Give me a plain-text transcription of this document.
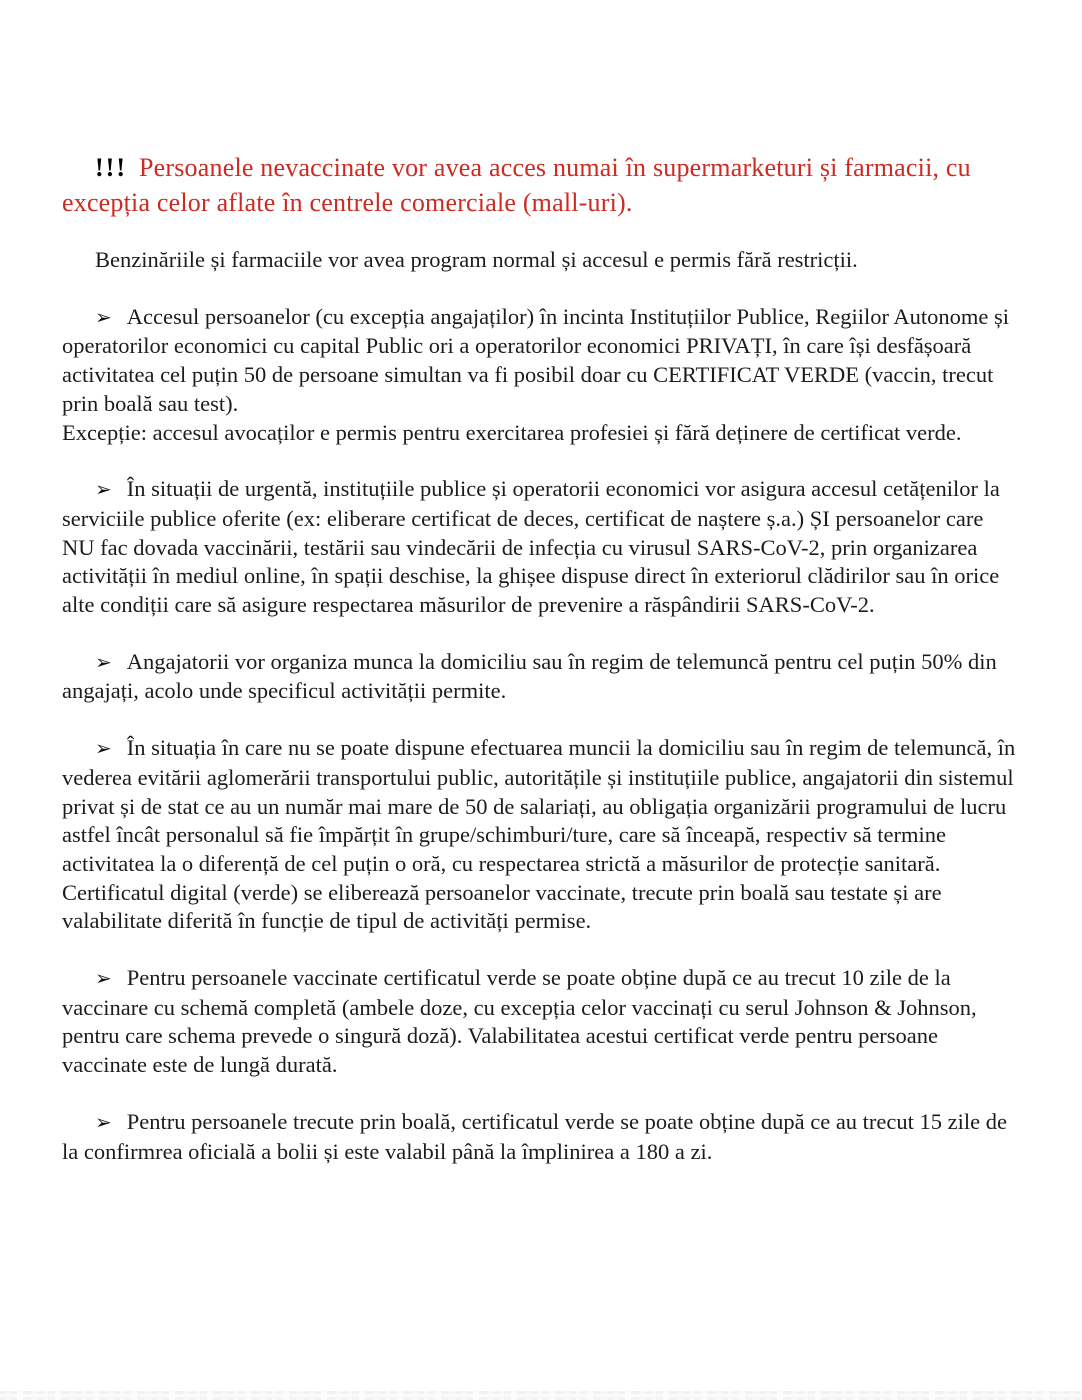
!!! Persoanele nevaccinate vor avea acces numai în supermarketuri și farmacii, cu excepția celor aflate în centrele comerciale (mall-uri).

Benzinăriile și farmaciile vor avea program normal și accesul e permis fără restricții.

➢ Accesul persoanelor (cu excepția angajaților) în incinta Instituțiilor Publice, Regiilor Autonome și operatorilor economici cu capital Public ori a operatorilor economici PRIVAȚI, în care își desfășoară activitatea cel puțin 50 de persoane simultan va fi posibil doar cu CERTIFICAT VERDE (vaccin, trecut prin boală sau test).

Excepție: accesul avocaților e permis pentru exercitarea profesiei și fără deținere de certificat verde.

➢ În situații de urgentă, instituțiile publice și operatorii economici vor asigura accesul cetățenilor la serviciile publice oferite (ex: eliberare certificat de deces, certificat de naștere ș.a.) ȘI persoanelor care NU fac dovada vaccinării, testării sau vindecării de infecția cu virusul SARS-CoV-2, prin organizarea activității în mediul online, în spații deschise, la ghișee dispuse direct în exteriorul clădirilor sau în orice alte condiții care să asigure respectarea măsurilor de prevenire a răspândirii SARS-CoV-2.

➢ Angajatorii vor organiza munca la domiciliu sau în regim de telemuncă pentru cel puțin 50% din angajați, acolo unde specificul activității permite.

➢ În situația în care nu se poate dispune efectuarea muncii la domiciliu sau în regim de telemuncă, în vederea evitării aglomerării transportului public, autoritățile și instituțiile publice, angajatorii din sistemul privat și de stat ce au un număr mai mare de 50 de salariați, au obligația organizării programului de lucru astfel încât personalul să fie împărțit în grupe/schimburi/ture, care să înceapă, respectiv să termine activitatea la o diferență de cel puțin o oră, cu respectarea strictă a măsurilor de protecție sanitară.

Certificatul digital (verde) se eliberează persoanelor vaccinate, trecute prin boală sau testate și are valabilitate diferită în funcție de tipul de activități permise.

➢ Pentru persoanele vaccinate certificatul verde se poate obține după ce au trecut 10 zile de la vaccinare cu schemă completă (ambele doze, cu excepția celor vaccinați cu serul Johnson & Johnson, pentru care schema prevede o singură doză). Valabilitatea acestui certificat verde pentru persoane vaccinate este de lungă durată.

➢ Pentru persoanele trecute prin boală, certificatul verde se poate obține după ce au trecut 15 zile de la confirmrea oficială a bolii și este valabil până la împlinirea a 180 a zi.
